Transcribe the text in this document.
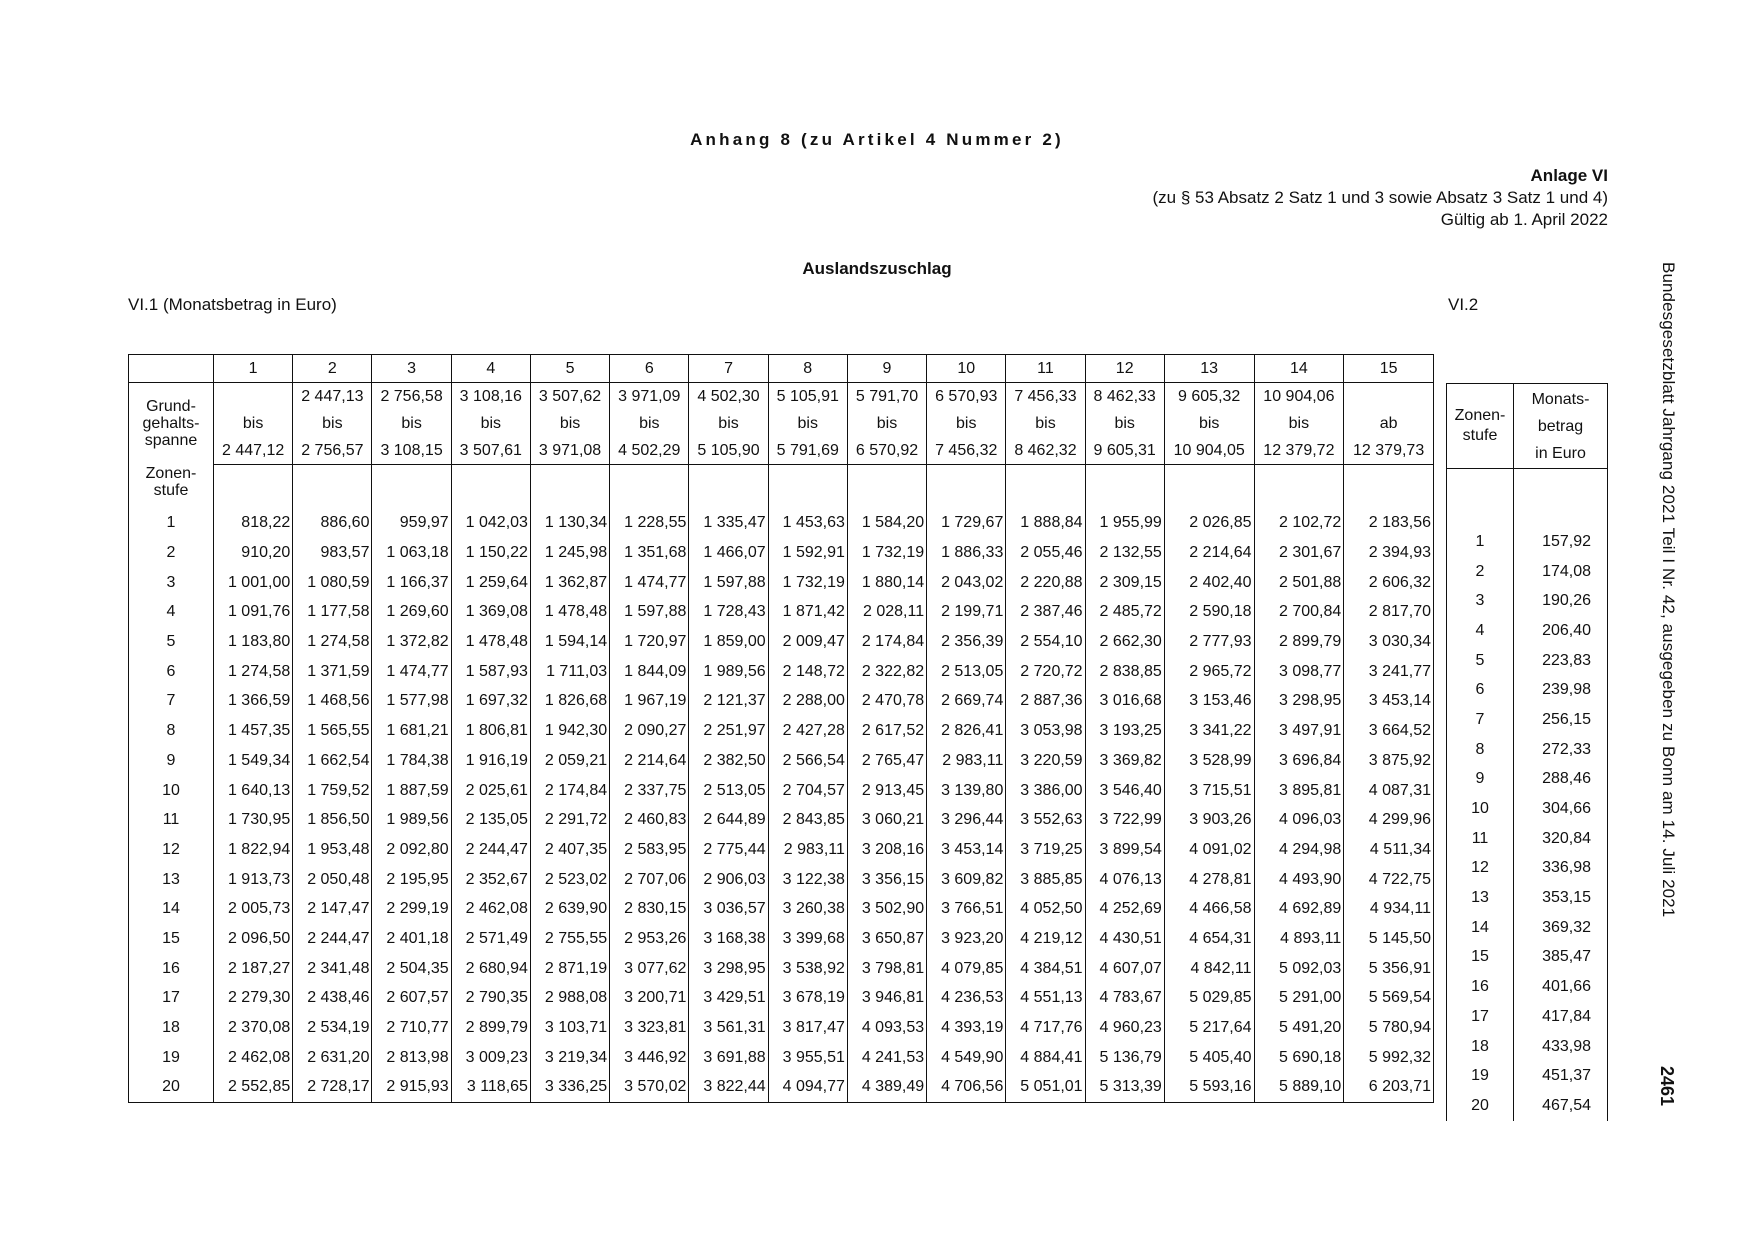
Anhang 8 (zu Artikel 4 Nummer 2)
Anlage VI
(zu § 53 Absatz 2 Satz 1 und 3 sowie Absatz 3 Satz 1 und 4)
Gültig ab 1. April 2022
Auslandszuschlag
VI.1 (Monatsbetrag in Euro)	VI.2	Bundesgesetzblatt Jahrgang 2021 Teil I Nr. 42, ausgegeben zu Bonn am 14. Juli 2021
2461
	1	2	3	4	5	6	7	8	9	10	11	12	13	14	15
Grund-
gehalts-
spanne		2 447,13	2 756,58	3 108,16	3 507,62	3 971,09	4 502,30	5 105,91	5 791,70	6 570,93	7 456,33	8 462,33	9 605,32	10 904,06	
	bis	bis	bis	bis	bis	bis	bis	bis	bis	bis	bis	bis	bis	bis	ab
	2 447,12	2 756,57	3 108,15	3 507,61	3 971,08	4 502,29	5 105,90	5 791,69	6 570,92	7 456,32	8 462,32	9 605,31	10 904,05	12 379,72	12 379,73
Zonen-
stufe															
1	818,22	886,60	959,97	1 042,03	1 130,34	1 228,55	1 335,47	1 453,63	1 584,20	1 729,67	1 888,84	1 955,99	2 026,85	2 102,72	2 183,56
2	910,20	983,57	1 063,18	1 150,22	1 245,98	1 351,68	1 466,07	1 592,91	1 732,19	1 886,33	2 055,46	2 132,55	2 214,64	2 301,67	2 394,93
3	1 001,00	1 080,59	1 166,37	1 259,64	1 362,87	1 474,77	1 597,88	1 732,19	1 880,14	2 043,02	2 220,88	2 309,15	2 402,40	2 501,88	2 606,32
4	1 091,76	1 177,58	1 269,60	1 369,08	1 478,48	1 597,88	1 728,43	1 871,42	2 028,11	2 199,71	2 387,46	2 485,72	2 590,18	2 700,84	2 817,70
5	1 183,80	1 274,58	1 372,82	1 478,48	1 594,14	1 720,97	1 859,00	2 009,47	2 174,84	2 356,39	2 554,10	2 662,30	2 777,93	2 899,79	3 030,34
6	1 274,58	1 371,59	1 474,77	1 587,93	1 711,03	1 844,09	1 989,56	2 148,72	2 322,82	2 513,05	2 720,72	2 838,85	2 965,72	3 098,77	3 241,77
7	1 366,59	1 468,56	1 577,98	1 697,32	1 826,68	1 967,19	2 121,37	2 288,00	2 470,78	2 669,74	2 887,36	3 016,68	3 153,46	3 298,95	3 453,14
8	1 457,35	1 565,55	1 681,21	1 806,81	1 942,30	2 090,27	2 251,97	2 427,28	2 617,52	2 826,41	3 053,98	3 193,25	3 341,22	3 497,91	3 664,52
9	1 549,34	1 662,54	1 784,38	1 916,19	2 059,21	2 214,64	2 382,50	2 566,54	2 765,47	2 983,11	3 220,59	3 369,82	3 528,99	3 696,84	3 875,92
10	1 640,13	1 759,52	1 887,59	2 025,61	2 174,84	2 337,75	2 513,05	2 704,57	2 913,45	3 139,80	3 386,00	3 546,40	3 715,51	3 895,81	4 087,31
11	1 730,95	1 856,50	1 989,56	2 135,05	2 291,72	2 460,83	2 644,89	2 843,85	3 060,21	3 296,44	3 552,63	3 722,99	3 903,26	4 096,03	4 299,96
12	1 822,94	1 953,48	2 092,80	2 244,47	2 407,35	2 583,95	2 775,44	2 983,11	3 208,16	3 453,14	3 719,25	3 899,54	4 091,02	4 294,98	4 511,34
13	1 913,73	2 050,48	2 195,95	2 352,67	2 523,02	2 707,06	2 906,03	3 122,38	3 356,15	3 609,82	3 885,85	4 076,13	4 278,81	4 493,90	4 722,75
14	2 005,73	2 147,47	2 299,19	2 462,08	2 639,90	2 830,15	3 036,57	3 260,38	3 502,90	3 766,51	4 052,50	4 252,69	4 466,58	4 692,89	4 934,11
15	2 096,50	2 244,47	2 401,18	2 571,49	2 755,55	2 953,26	3 168,38	3 399,68	3 650,87	3 923,20	4 219,12	4 430,51	4 654,31	4 893,11	5 145,50
16	2 187,27	2 341,48	2 504,35	2 680,94	2 871,19	3 077,62	3 298,95	3 538,92	3 798,81	4 079,85	4 384,51	4 607,07	4 842,11	5 092,03	5 356,91
17	2 279,30	2 438,46	2 607,57	2 790,35	2 988,08	3 200,71	3 429,51	3 678,19	3 946,81	4 236,53	4 551,13	4 783,67	5 029,85	5 291,00	5 569,54
18	2 370,08	2 534,19	2 710,77	2 899,79	3 103,71	3 323,81	3 561,31	3 817,47	4 093,53	4 393,19	4 717,76	4 960,23	5 217,64	5 491,20	5 780,94
19	2 462,08	2 631,20	2 813,98	3 009,23	3 219,34	3 446,92	3 691,88	3 955,51	4 241,53	4 549,90	4 884,41	5 136,79	5 405,40	5 690,18	5 992,32
20	2 552,85	2 728,17	2 915,93	3 118,65	3 336,25	3 570,02	3 822,44	4 094,77	4 389,49	4 706,56	5 051,01	5 313,39	5 593,16	5 889,10	6 203,71
Zonen-
stufe	Monats-
betrag
in Euro

1	157,92
2	174,08
3	190,26
4	206,40
5	223,83
6	239,98
7	256,15
8	272,33
9	288,46
10	304,66
11	320,84
12	336,98
13	353,15
14	369,32
15	385,47
16	401,66
17	417,84
18	433,98
19	451,37
20	467,54
